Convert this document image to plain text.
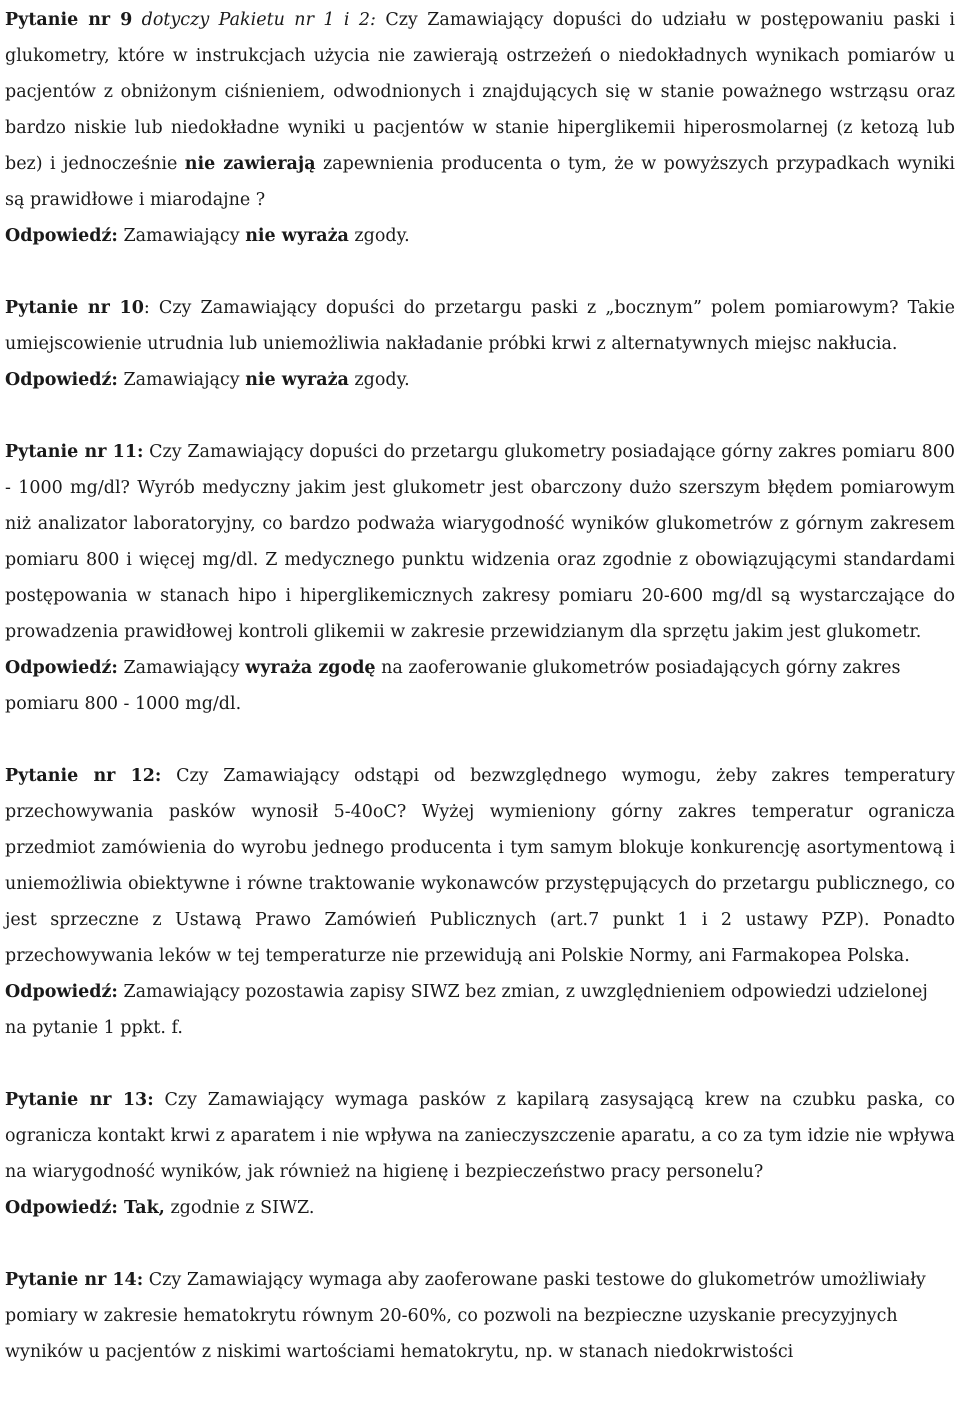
Pytanie nr 9 dotyczy Pakietu nr 1 i 2: Czy Zamawiający dopuści do udziału w postępowaniu paski i glukometry, które w instrukcjach użycia nie zawierają ostrzeżeń o niedokładnych wynikach pomiarów u pacjentów z obniżonym ciśnieniem, odwodnionych i znajdujących się w stanie poważnego wstrząsu oraz bardzo niskie lub niedokładne wyniki u pacjentów w stanie hiperglikemii hiperosmolarnej (z ketozą lub bez) i jednocześnie nie zawierają zapewnienia producenta o tym, że w powyższych przypadkach wyniki są prawidłowe i miarodajne ?

Odpowiedź: Zamawiający nie wyraża zgody.

Pytanie nr 10: Czy Zamawiający dopuści do przetargu paski z „bocznym” polem pomiarowym? Takie umiejscowienie utrudnia lub uniemożliwia nakładanie próbki krwi z alternatywnych miejsc nakłucia.

Odpowiedź: Zamawiający nie wyraża zgody.

Pytanie nr 11: Czy Zamawiający dopuści do przetargu glukometry posiadające górny zakres pomiaru 800 - 1000 mg/dl? Wyrób medyczny jakim jest glukometr jest obarczony dużo szerszym błędem pomiarowym niż analizator laboratoryjny, co bardzo podważa wiarygodność wyników glukometrów z górnym zakresem pomiaru 800 i więcej mg/dl. Z medycznego punktu widzenia oraz zgodnie z obowiązującymi standardami postępowania w stanach hipo i hiperglikemicznych zakresy pomiaru 20-600 mg/dl są wystarczające do prowadzenia prawidłowej kontroli glikemii w zakresie przewidzianym dla sprzętu jakim jest glukometr.

Odpowiedź: Zamawiający wyraża zgodę na zaoferowanie glukometrów posiadających górny zakres pomiaru 800 - 1000 mg/dl.

Pytanie nr 12: Czy Zamawiający odstąpi od bezwzględnego wymogu, żeby zakres temperatury przechowywania pasków wynosił 5-40oC? Wyżej wymieniony górny zakres temperatur ogranicza przedmiot zamówienia do wyrobu jednego producenta i tym samym blokuje konkurencję asortymentową i uniemożliwia obiektywne i równe traktowanie wykonawców przystępujących do przetargu publicznego, co jest sprzeczne z Ustawą Prawo Zamówień Publicznych (art.7 punkt 1 i 2 ustawy PZP). Ponadto przechowywania leków w tej temperaturze nie przewidują ani Polskie Normy, ani Farmakopea Polska.

Odpowiedź: Zamawiający pozostawia zapisy SIWZ bez zmian, z uwzględnieniem odpowiedzi udzielonej na pytanie 1 ppkt. f.

Pytanie nr 13: Czy Zamawiający wymaga pasków z kapilarą zasysającą krew na czubku paska, co ogranicza kontakt krwi z aparatem i nie wpływa na zanieczyszczenie aparatu, a co za tym idzie nie wpływa na wiarygodność wyników, jak również na higienę i bezpieczeństwo pracy personelu?

Odpowiedź: Tak, zgodnie z SIWZ.

Pytanie nr 14: Czy Zamawiający wymaga aby zaoferowane paski testowe do glukometrów umożliwiały pomiary w zakresie hematokrytu równym 20-60%, co pozwoli na bezpieczne uzyskanie precyzyjnych wyników u pacjentów z niskimi wartościami hematokrytu, np. w stanach niedokrwistości
